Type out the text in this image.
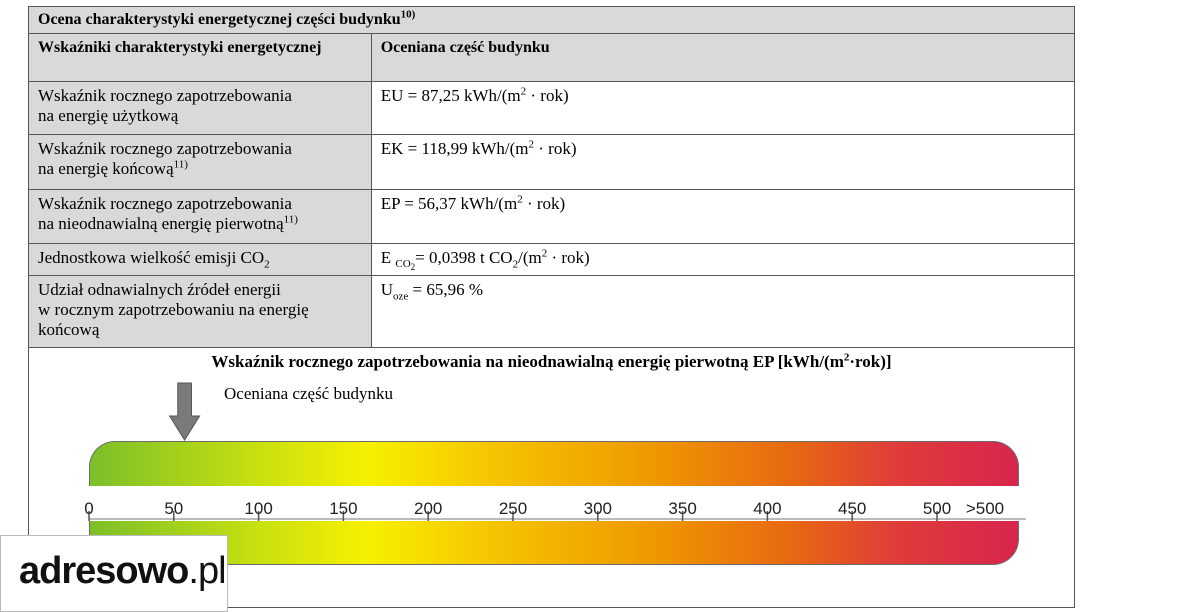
Ocena charakterystyki energetycznej części budynku$^{10)}$
Wskaźniki charakterystyki energetycznej	Oceniana część budynku
Wskaźnik rocznego zapotrzebowania
na energię użytkową	EU = 87,25 kWh/$(m^2 \cdot rok)$
Wskaźnik rocznego zapotrzebowania
na energię końcową$^{11)}$	EK = 118,99 kWh/$(m^2 \cdot rok)$
Wskaźnik rocznego zapotrzebowania
na nieodnawialną energię pierwotną$^{11)}$	EP = 56,37 kWh/$(m^2 \cdot rok)$
Jednostkowa wielkość emisji $CO_2$	E $_{CO_2}$= 0,0398 t $CO_2/(m^2 \cdot rok)$
Udział odnawialnych źródeł energii
w rocznym zapotrzebowaniu na energię
końcową	$U_{oze} = 65,96$ %
Wskaźnik rocznego zapotrzebowania na nieodnawialną energię pierwotną EP $[kWh/(m^2\cdot rok)]$
Oceniana część budynku
0	50	100	150	200	250	300	350	400	450	500 >500
adresowo.pl
